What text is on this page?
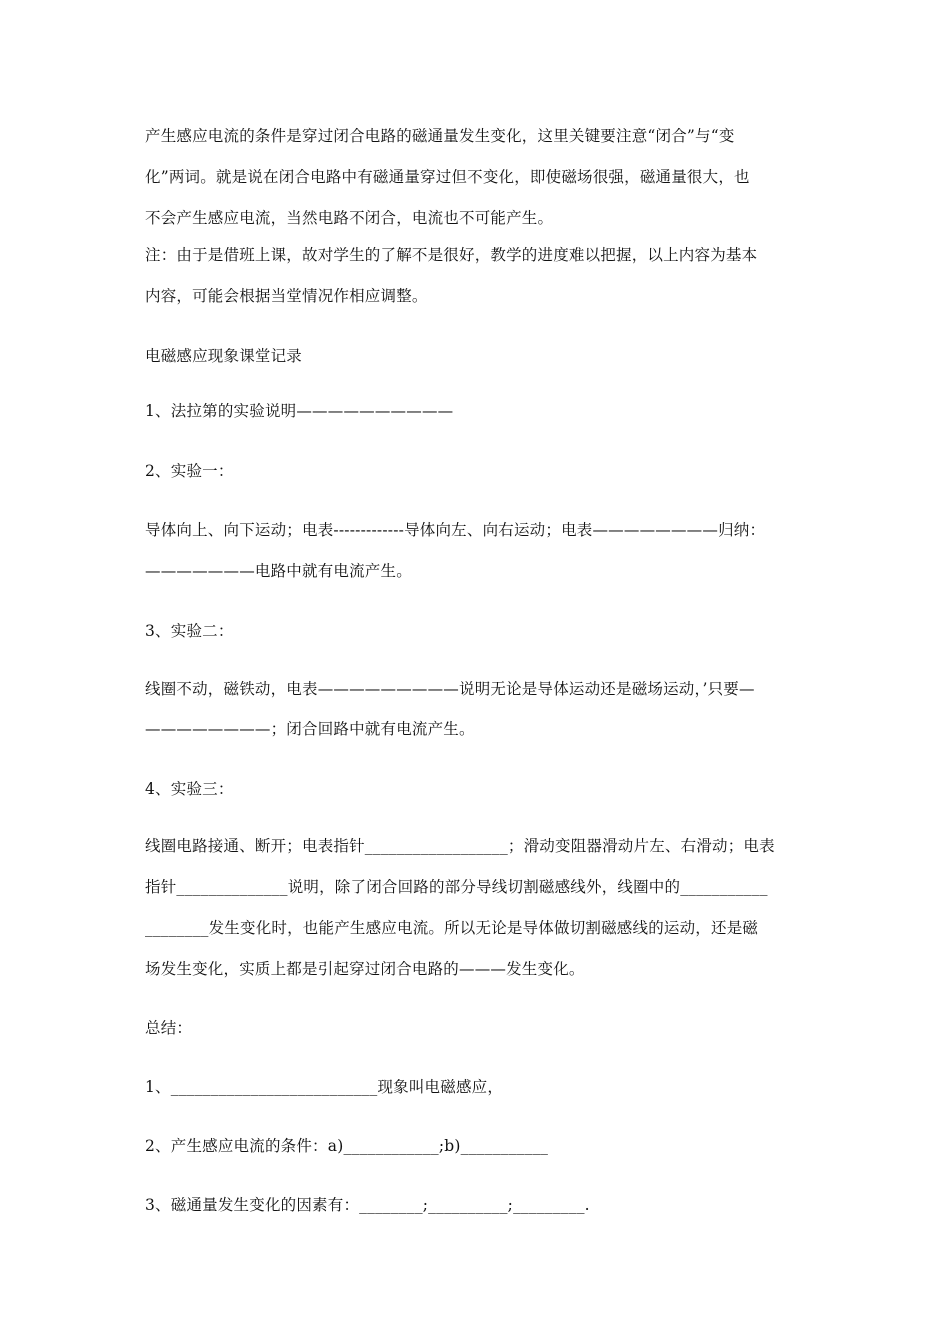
产生感应电流的条件是穿过闭合电路的磁通量发生变化，这里关键要注意“闭合”与“变
化”两词。就是说在闭合电路中有磁通量穿过但不变化，即使磁场很强，磁通量很大，也
不会产生感应电流，当然电路不闭合，电流也不可能产生。
注：由于是借班上课，故对学生的了解不是很好，教学的进度难以把握，以上内容为基本
内容，可能会根据当堂情况作相应调整。
电磁感应现象课堂记录
1、法拉第的实验说明——————————
2、实验一：
导体向上、向下运动；电表-------------导体向左、向右运动；电表————————归纳：
———————电路中就有电流产生。
3、实验二：
线圈不动，磁铁动，电表—————————说明无论是导体运动还是磁场运动，’只要—
————————；闭合回路中就有电流产生。
4、实验三：
线圈电路接通、断开；电表指针__________________；滑动变阻器滑动片左、右滑动；电表
指针______________说明，除了闭合回路的部分导线切割磁感线外，线圈中的___________
________发生变化时，也能产生感应电流。所以无论是导体做切割磁感线的运动，还是磁
场发生变化，实质上都是引起穿过闭合电路的———发生变化。
总结：
1、__________________________现象叫电磁感应，
2、产生感应电流的条件：a)____________;b)___________
3、磁通量发生变化的因素有：________;__________;_________.
